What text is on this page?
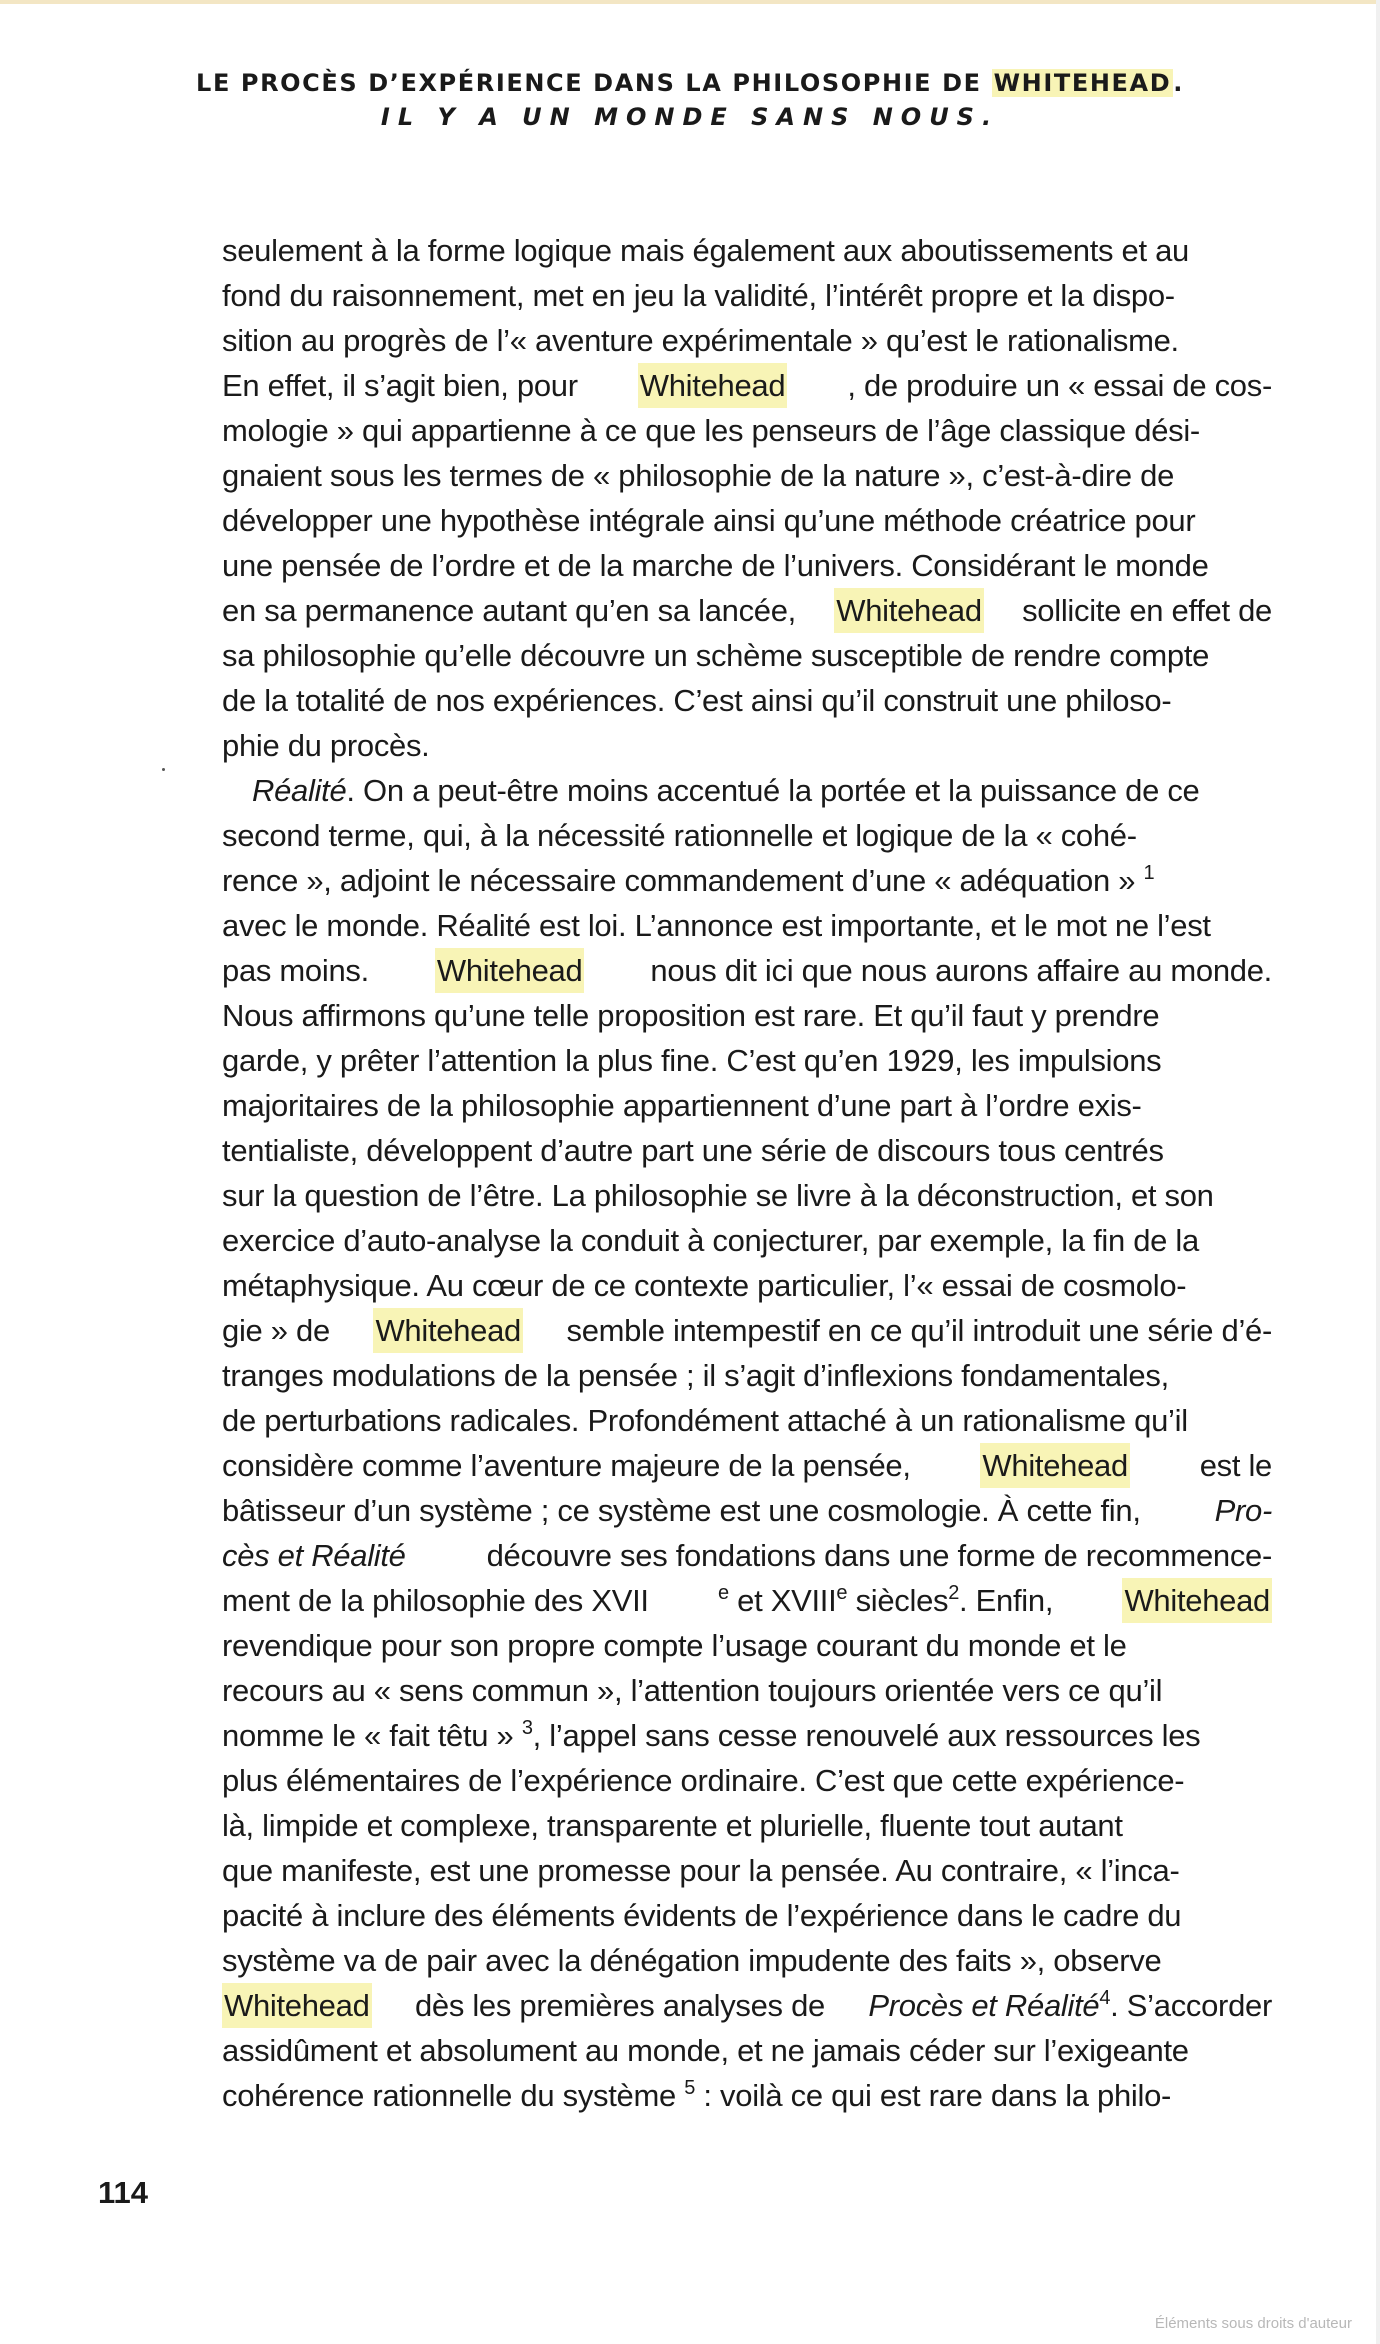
LE PROCÈS D’EXPÉRIENCE DANS LA PHILOSOPHIE DE WHITEHEAD.
IL Y A UN MONDE SANS NOUS.
seulement à la forme logique mais également aux aboutissements et au
fond du raisonnement, met en jeu la validité, l’intérêt propre et la dispo-
sition au progrès de l’« aventure expérimentale » qu’est le rationalisme.
En effet, il s’agit bien, pour Whitehead , de produire un « essai de cos-
mologie » qui appartienne à ce que les penseurs de l’âge classique dési-
gnaient sous les termes de « philosophie de la nature », c’est-à-dire de
développer une hypothèse intégrale ainsi qu’une méthode créatrice pour
une pensée de l’ordre et de la marche de l’univers. Considérant le monde
en sa permanence autant qu’en sa lancée, Whitehead sollicite en effet de
sa philosophie qu’elle découvre un schème susceptible de rendre compte
de la totalité de nos expériences. C’est ainsi qu’il construit une philoso-
phie du procès.
Réalité. On a peut-être moins accentué la portée et la puissance de ce
second terme, qui, à la nécessité rationnelle et logique de la « cohé-
rence », adjoint le nécessaire commandement d’une « adéquation » $^1$
avec le monde. Réalité est loi. L’annonce est importante, et le mot ne l’est
pas moins. Whitehead nous dit ici que nous aurons affaire au monde.
Nous affirmons qu’une telle proposition est rare. Et qu’il faut y prendre
garde, y prêter l’attention la plus fine. C’est qu’en 1929, les impulsions
majoritaires de la philosophie appartiennent d’une part à l’ordre exis-
tentialiste, développent d’autre part une série de discours tous centrés
sur la question de l’être. La philosophie se livre à la déconstruction, et son
exercice d’auto-analyse la conduit à conjecturer, par exemple, la fin de la
métaphysique. Au cœur de ce contexte particulier, l’« essai de cosmolo-
gie » de Whitehead semble intempestif en ce qu’il introduit une série d’é-
tranges modulations de la pensée ; il s’agit d’inflexions fondamentales,
de perturbations radicales. Profondément attaché à un rationalisme qu’il
considère comme l’aventure majeure de la pensée, Whitehead est le
bâtisseur d’un système ; ce système est une cosmologie. À cette fin, Pro-
cès et Réalité	découvre ses fondations dans une forme de recommence-
ment de la philosophie des XVII	$^e$ et XVIIIe siècles$^2$. Enfin, Whitehead
revendique pour son propre compte l’usage courant du monde et le
recours au « sens commun », l’attention toujours orientée vers ce qu’il
nomme le « fait têtu » $^3$, l’appel sans cesse renouvelé aux ressources les
plus élémentaires de l’expérience ordinaire. C’est que cette expérience-
là, limpide et complexe, transparente et plurielle, fluente tout autant
que manifeste, est une promesse pour la pensée. Au contraire, « l’inca-
pacité à inclure des éléments évidents de l’expérience dans le cadre du
système va de pair avec la dénégation impudente des faits », observe
Whitehead dès les premières analyses de Procès et Réalité$^4$. S’accorder
assidûment et absolument au monde, et ne jamais céder sur l’exigeante
cohérence rationnelle du système $^5$ : voilà ce qui est rare dans la philo-
114
Éléments sous droits d'auteur
